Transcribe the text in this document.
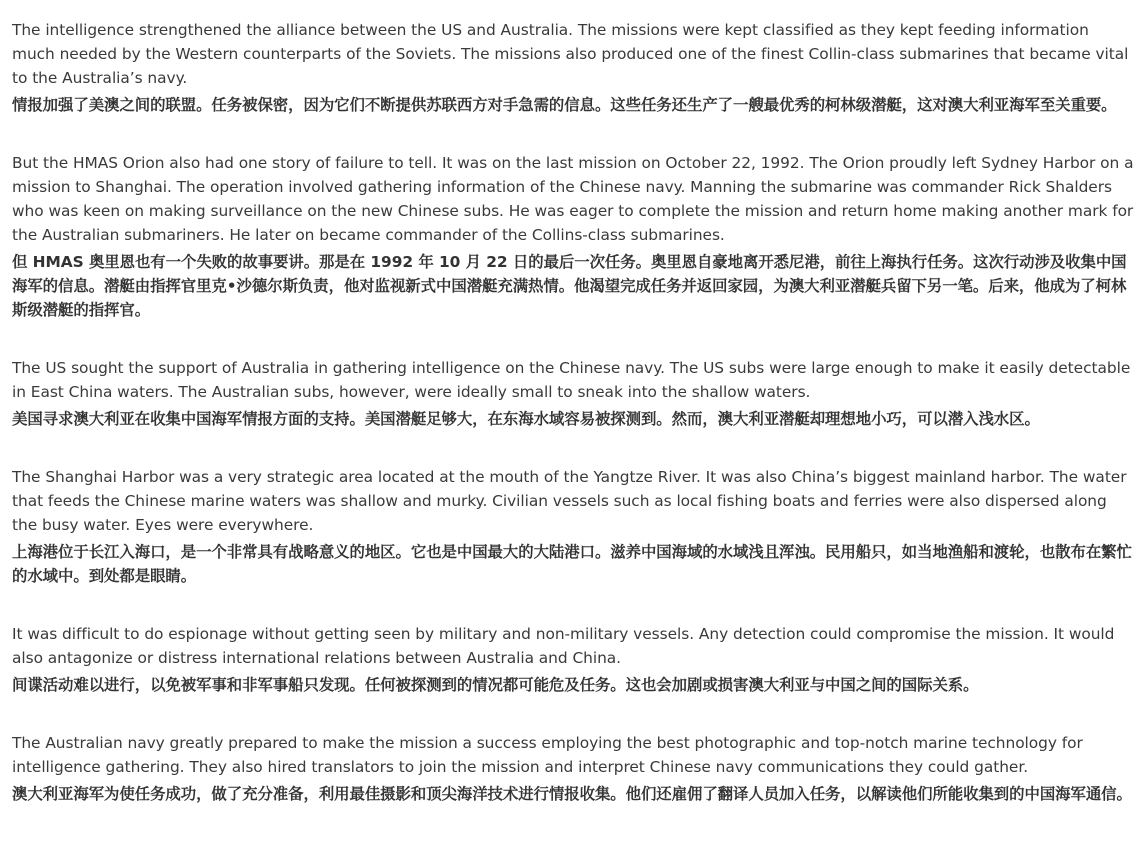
The intelligence strengthened the alliance between the US and Australia. The missions were kept classified as they kept feeding information much needed by the Western counterparts of the Soviets. The missions also produced one of the finest Collin-class submarines that became vital to the Australia’s navy.

情报加强了美澳之间的联盟。任务被保密，因为它们不断提供苏联西方对手急需的信息。这些任务还生产了一艘最优秀的柯林级潜艇，这对澳大利亚海军至关重要。

But the HMAS Orion also had one story of failure to tell. It was on the last mission on October 22, 1992. The Orion proudly left Sydney Harbor on a mission to Shanghai. The operation involved gathering information of the Chinese navy. Manning the submarine was commander Rick Shalders who was keen on making surveillance on the new Chinese subs. He was eager to complete the mission and return home making another mark for the Australian submariners. He later on became commander of the Collins-class submarines.

但 HMAS 奥里恩也有一个失败的故事要讲。那是在 1992 年 10 月 22 日的最后一次任务。奥里恩自豪地离开悉尼港，前往上海执行任务。这次行动涉及收集中国海军的信息。潜艇由指挥官里克•沙德尔斯负责，他对监视新式中国潜艇充满热情。他渴望完成任务并返回家园，为澳大利亚潜艇兵留下另一笔。后来，他成为了柯林斯级潜艇的指挥官。

The US sought the support of Australia in gathering intelligence on the Chinese navy. The US subs were large enough to make it easily detectable in East China waters. The Australian subs, however, were ideally small to sneak into the shallow waters.

美国寻求澳大利亚在收集中国海军情报方面的支持。美国潜艇足够大，在东海水域容易被探测到。然而，澳大利亚潜艇却理想地小巧，可以潜入浅水区。

The Shanghai Harbor was a very strategic area located at the mouth of the Yangtze River. It was also China’s biggest mainland harbor. The water that feeds the Chinese marine waters was shallow and murky. Civilian vessels such as local fishing boats and ferries were also dispersed along the busy water. Eyes were everywhere.

上海港位于长江入海口，是一个非常具有战略意义的地区。它也是中国最大的大陆港口。滋养中国海域的水域浅且浑浊。民用船只，如当地渔船和渡轮，也散布在繁忙的水域中。到处都是眼睛。

It was difficult to do espionage without getting seen by military and non-military vessels. Any detection could compromise the mission. It would also antagonize or distress international relations between Australia and China.

间谍活动难以进行，以免被军事和非军事船只发现。任何被探测到的情况都可能危及任务。这也会加剧或损害澳大利亚与中国之间的国际关系。

The Australian navy greatly prepared to make the mission a success employing the best photographic and top-notch marine technology for intelligence gathering. They also hired translators to join the mission and interpret Chinese navy communications they could gather.

澳大利亚海军为使任务成功，做了充分准备，利用最佳摄影和顶尖海洋技术进行情报收集。他们还雇佣了翻译人员加入任务，以解读他们所能收集到的中国海军通信。
